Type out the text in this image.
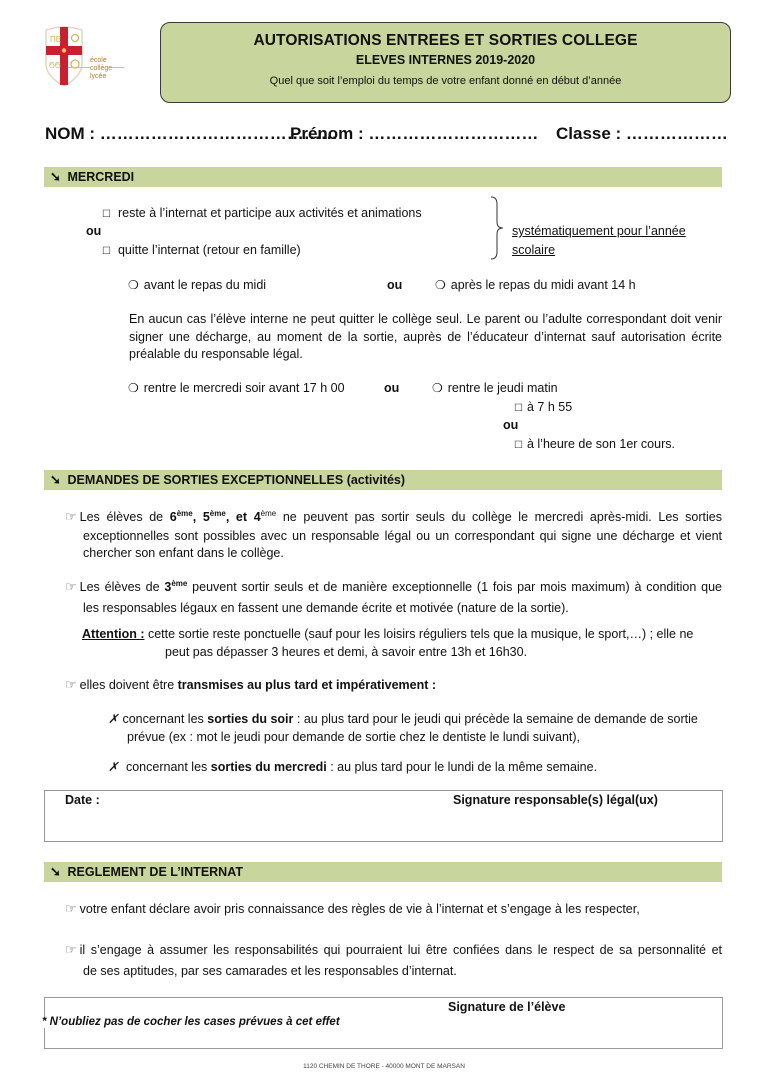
ПЕ
ϬϬ
école
collège
lycée
AUTORISATIONS ENTREES ET SORTIES COLLEGE
ELEVES INTERNES 2019-2020
Quel que soit l’emploi du temps de votre enfant donné en début d’année
NOM : ……………………………………
Prénom : ………………………… Classe : ………………
➘ MERCREDI
☐ reste à l’internat et participe aux activités et animations
ou
☐ quitte l’internat (retour en famille)
systématiquement pour l’année
scolaire
❍ avant le repas du midi	ou	❍ après le repas du midi avant 14 h
En aucun cas l’élève interne ne peut quitter le collège seul. Le parent ou l’adulte correspondant doit venir signer une décharge, au moment de la sortie, auprès de l’éducateur d’internat sauf autorisation écrite préalable du responsable légal.
❍ rentre le mercredi soir avant 17 h 00	ou	❍ rentre le jeudi matin
☐ à 7 h 55
ou
☐ à l’heure de son 1er cours.
➘ DEMANDES DE SORTIES EXCEPTIONNELLES (activités)
☞ Les élèves de 6ème, 5ème, et 4ème ne peuvent pas sortir seuls du collège le mercredi après-midi. Les sorties
exceptionnelles sont possibles avec un responsable légal ou un correspondant qui signe une décharge et vient
chercher son enfant dans le collège.
☞ Les élèves de 3ème peuvent sortir seuls et de manière exceptionnelle (1 fois par mois maximum) à condition que
les responsables légaux en fassent une demande écrite et motivée (nature de la sortie).
Attention : cette sortie reste ponctuelle (sauf pour les loisirs réguliers tels que la musique, le sport,…) ; elle ne
peut pas dépasser 3 heures et demi, à savoir entre 13h et 16h30.
☞ elles doivent être transmises au plus tard et impérativement :
✗ concernant les sorties du soir : au plus tard pour le jeudi qui précède la semaine de demande de sortie
prévue (ex : mot le jeudi pour demande de sortie chez le dentiste le lundi suivant),
✗ concernant les sorties du mercredi : au plus tard pour le lundi de la même semaine.
Date :	Signature responsable(s) légal(ux)
➘ REGLEMENT DE L’INTERNAT
☞ votre enfant déclare avoir pris connaissance des règles de vie à l’internat et s’engage à les respecter,
☞ il s’engage à assumer les responsabilités qui pourraient lui être confiées dans le respect de sa personnalité et
de ses aptitudes, par ses camarades et les responsables d’internat.
Signature de l’élève
* N’oubliez pas de cocher les cases prévues à cet effet
1120 CHEMIN DE THORE - 40000 MONT DE MARSAN
